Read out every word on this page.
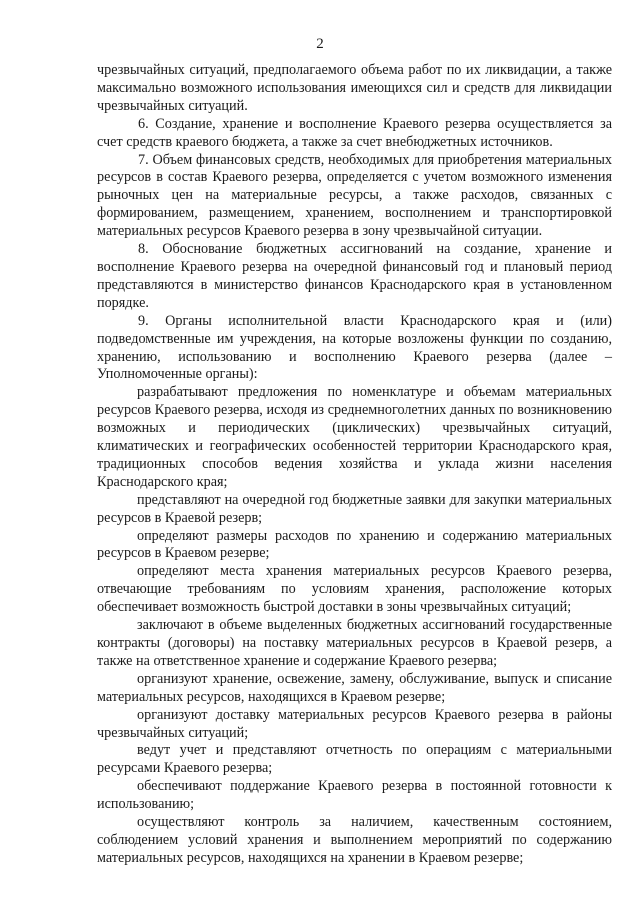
2

чрезвычайных ситуаций, предполагаемого объема работ по их ликвидации, а также максимально возможного использования имеющихся сил и средств для ликвидации чрезвычайных ситуаций.

6. Создание, хранение и восполнение Краевого резерва осуществляется за счет средств краевого бюджета, а также за счет внебюджетных источников.

7. Объем финансовых средств, необходимых для приобретения материальных ресурсов в состав Краевого резерва, определяется с учетом возможного изменения рыночных цен на материальные ресурсы, а также расходов, связанных с формированием, размещением, хранением, восполнением и транспортировкой материальных ресурсов Краевого резерва в зону чрезвычайной ситуации.

8. Обоснование бюджетных ассигнований на создание, хранение и восполнение Краевого резерва на очередной финансовый год и плановый период представляются в министерство финансов Краснодарского края в установленном порядке.

9. Органы исполнительной власти Краснодарского края и (или) подведомственные им учреждения, на которые возложены функции по созданию, хранению, использованию и восполнению Краевого резерва (далее – Уполномоченные органы):

разрабатывают предложения по номенклатуре и объемам материальных ресурсов Краевого резерва, исходя из среднемноголетних данных по возникновению возможных и периодических (циклических) чрезвычайных ситуаций, климатических и географических особенностей территории Краснодарского края, традиционных способов ведения хозяйства и уклада жизни населения Краснодарского края;

представляют на очередной год бюджетные заявки для закупки материальных ресурсов в Краевой резерв;

определяют размеры расходов по хранению и содержанию материальных ресурсов в Краевом резерве;

определяют места хранения материальных ресурсов Краевого резерва, отвечающие требованиям по условиям хранения, расположение которых обеспечивает возможность быстрой доставки в зоны чрезвычайных ситуаций;

заключают в объеме выделенных бюджетных ассигнований государственные контракты (договоры) на поставку материальных ресурсов в Краевой резерв, а также на ответственное хранение и содержание Краевого резерва;

организуют хранение, освежение, замену, обслуживание, выпуск и списание материальных ресурсов, находящихся в Краевом резерве;

организуют доставку материальных ресурсов Краевого резерва в районы чрезвычайных ситуаций;

ведут учет и представляют отчетность по операциям с материальными ресурсами Краевого резерва;

обеспечивают поддержание Краевого резерва в постоянной готовности к использованию;

осуществляют контроль за наличием, качественным состоянием, соблюдением условий хранения и выполнением мероприятий по содержанию материальных ресурсов, находящихся на хранении в Краевом резерве;
